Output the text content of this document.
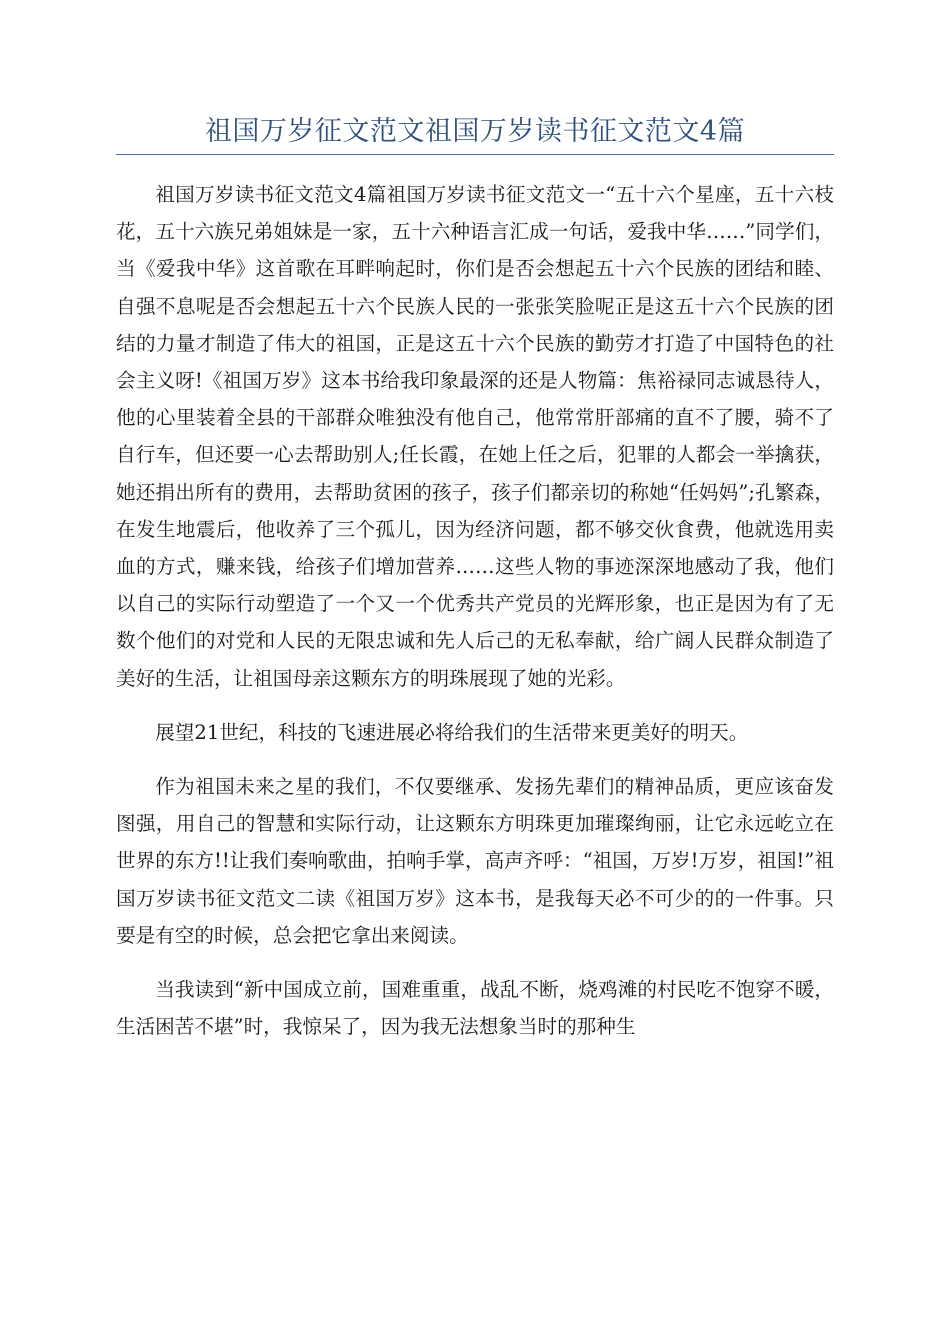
祖国万岁征文范文祖国万岁读书征文范文4篇

祖国万岁读书征文范文4篇祖国万岁读书征文范文一“五十六个星座，五十六枝花，五十六族兄弟姐妹是一家，五十六种语言汇成一句话，爱我中华……”同学们，当《爱我中华》这首歌在耳畔响起时，你们是否会想起五十六个民族的团结和睦、自强不息呢是否会想起五十六个民族人民的一张张笑脸呢正是这五十六个民族的团结的力量才制造了伟大的祖国，正是这五十六个民族的勤劳才打造了中国特色的社会主义呀!《祖国万岁》这本书给我印象最深的还是人物篇：焦裕禄同志诚恳待人，他的心里装着全县的干部群众唯独没有他自己，他常常肝部痛的直不了腰，骑不了自行车，但还要一心去帮助别人;任长霞，在她上任之后，犯罪的人都会一举擒获，她还捐出所有的费用，去帮助贫困的孩子，孩子们都亲切的称她“任妈妈”;孔繁森，在发生地震后，他收养了三个孤儿，因为经济问题，都不够交伙食费，他就选用卖血的方式，赚来钱，给孩子们增加营养……这些人物的事迹深深地感动了我，他们以自己的实际行动塑造了一个又一个优秀共产党员的光辉形象，也正是因为有了无数个他们的对党和人民的无限忠诚和先人后己的无私奉献，给广阔人民群众制造了美好的生活，让祖国母亲这颗东方的明珠展现了她的光彩。

展望21世纪，科技的飞速进展必将给我们的生活带来更美好的明天。

作为祖国未来之星的我们，不仅要继承、发扬先辈们的精神品质，更应该奋发图强，用自己的智慧和实际行动，让这颗东方明珠更加璀璨绚丽，让它永远屹立在世界的东方!!让我们奏响歌曲，拍响手掌，高声齐呼：“祖国，万岁!万岁，祖国!”祖国万岁读书征文范文二读《祖国万岁》这本书，是我每天必不可少的的一件事。只要是有空的时候，总会把它拿出来阅读。

当我读到“新中国成立前，国难重重，战乱不断，烧鸡滩的村民吃不饱穿不暖，生活困苦不堪”时，我惊呆了，因为我无法想象当时的那种生
